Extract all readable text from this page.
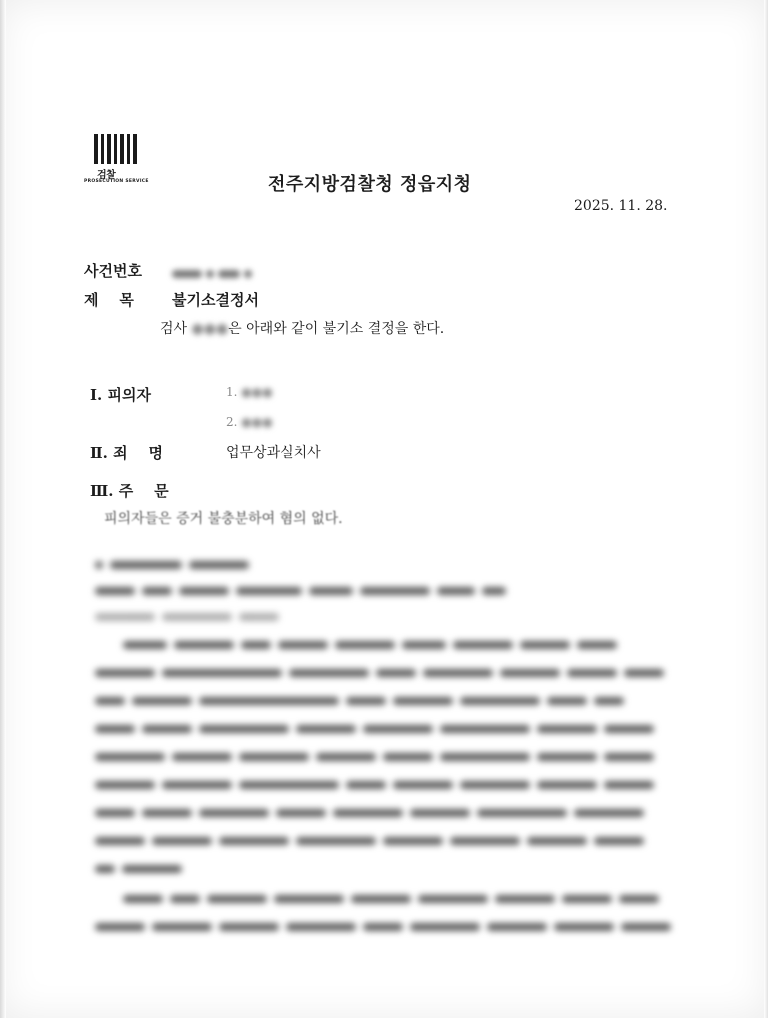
검찰
PROSECUTION SERVICE	전주지방검찰청 정읍지청
2025. 11. 28.
사건번호
제    목	불기소결정서
검사 ●●●은 아래와 같이 불기소 결정을 한다.
Ⅰ. 피의자	1. ●●●
2. ●●●
Ⅱ. 죄    명	업무상과실치사
Ⅲ. 주    문
피의자들은 증거 불충분하여 혐의 없다.
